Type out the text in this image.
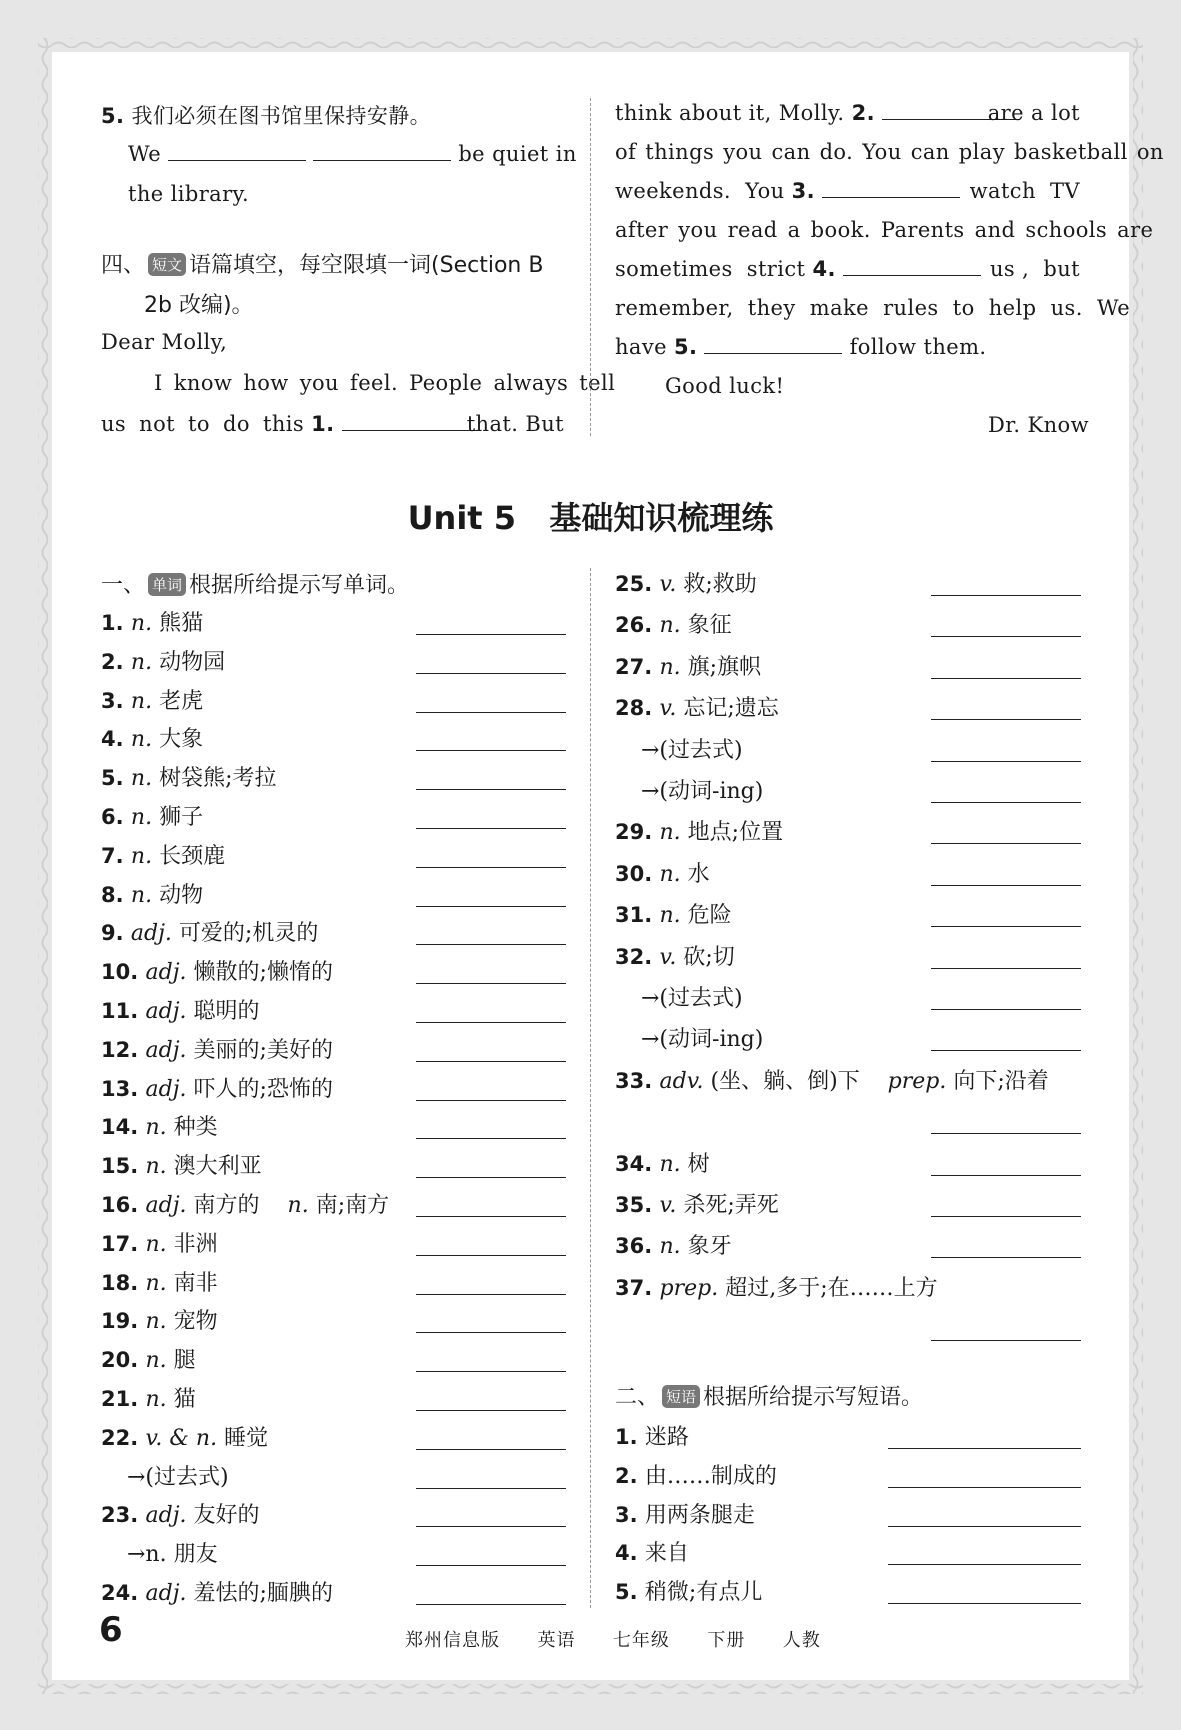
5. 我们必须在图书馆里保持安静。
We	be quiet in
the library.
四、 短文 语篇填空，每空限填一词(Section B
2b 改编)。
Dear Molly,
I know how you feel. People always tell
us not to do this 1.	that. But
think about it, Molly. 2.	are a lot
of things you can do. You can play basketball on
weekends.  You 3.	watch  TV
after you read a book. Parents and schools are
sometimes  strict 4.	us ,  but
remember,  they  make  rules  to  help  us.  We
have 5.	follow them.
Good luck!
Dr. Know
Unit 5   基础知识梳理练
一、 单词 根据所给提示写单词。
1. n. 熊猫
2. n. 动物园
3. n. 老虎
4. n. 大象
5. n. 树袋熊;考拉
6. n. 狮子
7. n. 长颈鹿
8. n. 动物
9. adj. 可爱的;机灵的
10. adj. 懒散的;懒惰的
11. adj. 聪明的
12. adj. 美丽的;美好的
13. adj. 吓人的;恐怖的
14. n. 种类
15. n. 澳大利亚
16. adj. 南方的    n. 南;南方
17. n. 非洲
18. n. 南非
19. n. 宠物
20. n. 腿
21. n. 猫
22. v. & n. 睡觉
→(过去式)
23. adj. 友好的
→n. 朋友
24. adj. 羞怯的;腼腆的
25. v. 救;救助
26. n. 象征
27. n. 旗;旗帜
28. v. 忘记;遗忘
→(过去式)
→(动词-ing)
29. n. 地点;位置
30. n. 水
31. n. 危险
32. v. 砍;切
→(过去式)
→(动词-ing)
33. adv. (坐、躺、倒)下    prep. 向下;沿着
34. n. 树
35. v. 杀死;弄死
36. n. 象牙
37. prep. 超过,多于;在……上方
二、 短语 根据所给提示写短语。
1. 迷路
2. 由……制成的
3. 用两条腿走
4. 来自
5. 稍微;有点儿
6	郑州信息版  英语  七年级  下册  人教
